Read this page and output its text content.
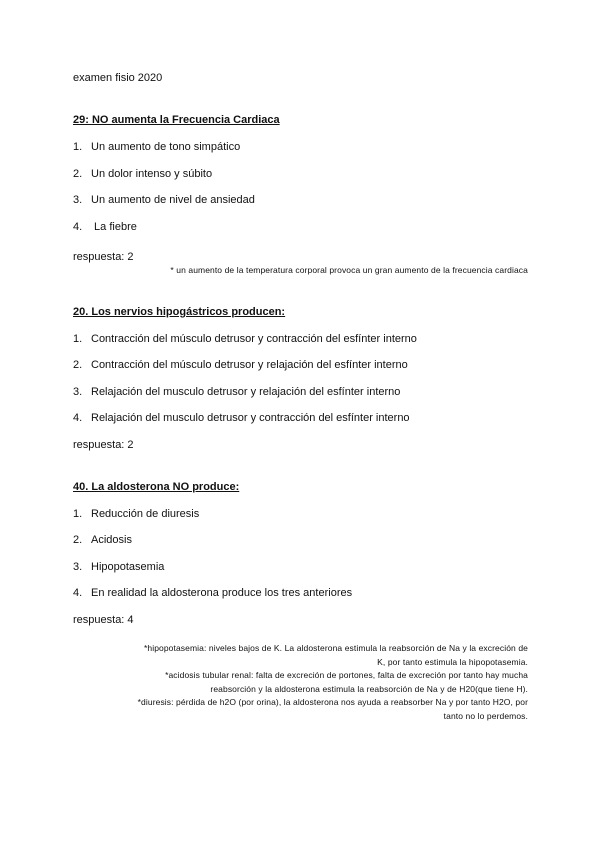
examen fisio 2020

29: NO aumenta la Frecuencia Cardiaca

1. Un aumento de tono simpático

2. Un dolor intenso y súbito

3. Un aumento de nivel de ansiedad

4. La fiebre

respuesta: 2

* un aumento de la temperatura corporal provoca un gran aumento de la frecuencia cardiaca

20. Los nervios hipogástricos producen:

1. Contracción del músculo detrusor y contracción del esfínter interno

2. Contracción del músculo detrusor y relajación del esfínter interno

3. Relajación del musculo detrusor y relajación del esfínter interno

4. Relajación del musculo detrusor y contracción del esfínter interno

respuesta: 2

40. La aldosterona NO produce:

1. Reducción de diuresis

2. Acidosis

3. Hipopotasemia

4. En realidad la aldosterona produce los tres anteriores

respuesta: 4

*hipopotasemia: niveles bajos de K. La aldosterona estimula la reabsorción de Na y la excreción de

K, por tanto estimula la hipopotasemia.

*acidosis tubular renal: falta de excreción de portones, falta de excreción por tanto hay mucha

reabsorción y la aldosterona estimula la reabsorción de Na y de H20(que tiene H).

*diuresis: pérdida de h2O (por orina), la aldosterona nos ayuda a reabsorber Na y por tanto H2O, por

tanto no lo perdemos.
